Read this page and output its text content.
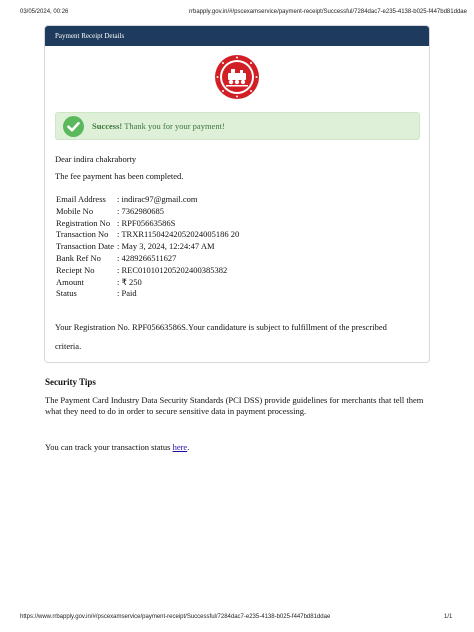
03/05/2024, 00:26	rrbapply.gov.in/#/pscexamservice/payment-receipt/Successful/7284dac7-e235-4138-b025-f447bd81ddae
Payment Receipt Details
Success! Thank you for your payment!
Dear indira chakraborty
The fee payment has been completed.
Email Address	: indirac97@gmail.com
Mobile No	: 7362980685
Registration No	: RPF05663586S
Transaction No	: TRXR11504242052024005186 20
Transaction Date	: May 3, 2024, 12:24:47 AM
Bank Ref No	: 4289266511627
Reciept No	: REC010101205202400385382
Amount	: ₹ 250
Status	: Paid
Your Registration No. RPF05663586S.Your candidature is subject to fulfillment of the prescribed criteria.
Security Tips
The Payment Card Industry Data Security Standards (PCI DSS) provide guidelines for merchants that tell them what they need to do in order to secure sensitive data in payment processing.
You can track your transaction status here.
https://www.rrbapply.gov.in/#/pscexamservice/payment-receipt/Successful/7284dac7-e235-4138-b025-f447bd81ddae	1/1
